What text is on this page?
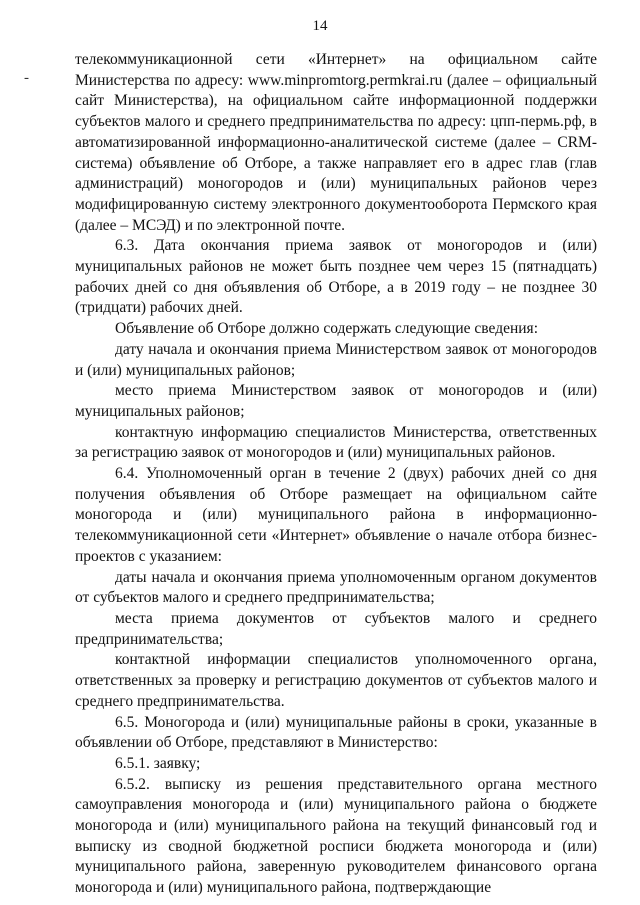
14
-

телекоммуникационной сети «Интернет» на официальном сайте Министерства по адресу: www.minpromtorg.permkrai.ru (далее – официальный сайт Министерства), на официальном сайте информационной поддержки субъектов малого и среднего предпринимательства по адресу: цпп-пермь.рф, в автоматизированной информационно-аналитической системе (далее – CRM-система) объявление об Отборе, а также направляет его в адрес глав (глав администраций) моногородов и (или) муниципальных районов через модифицированную систему электронного документооборота Пермского края (далее – МСЭД) и по электронной почте.

6.3. Дата окончания приема заявок от моногородов и (или) муниципальных районов не может быть позднее чем через 15 (пятнадцать) рабочих дней со дня объявления об Отборе, а в 2019 году – не позднее 30 (тридцати) рабочих дней.

Объявление об Отборе должно содержать следующие сведения:

дату начала и окончания приема Министерством заявок от моногородов и (или) муниципальных районов;

место приема Министерством заявок от моногородов и (или) муниципальных районов;

контактную информацию специалистов Министерства, ответственных за регистрацию заявок от моногородов и (или) муниципальных районов.

6.4. Уполномоченный орган в течение 2 (двух) рабочих дней со дня получения объявления об Отборе размещает на официальном сайте моногорода и (или) муниципального района в информационно-телекоммуникационной сети «Интернет» объявление о начале отбора бизнес-проектов с указанием:

даты начала и окончания приема уполномоченным органом документов от субъектов малого и среднего предпринимательства;

места приема документов от субъектов малого и среднего предпринимательства;

контактной информации специалистов уполномоченного органа, ответственных за проверку и регистрацию документов от субъектов малого и среднего предпринимательства.

6.5. Моногорода и (или) муниципальные районы в сроки, указанные в объявлении об Отборе, представляют в Министерство:

6.5.1. заявку;

6.5.2. выписку из решения представительного органа местного самоуправления моногорода и (или) муниципального района о бюджете моногорода и (или) муниципального района на текущий финансовый год и выписку из сводной бюджетной росписи бюджета моногорода и (или) муниципального района, заверенную руководителем финансового органа моногорода и (или) муниципального района, подтверждающие
